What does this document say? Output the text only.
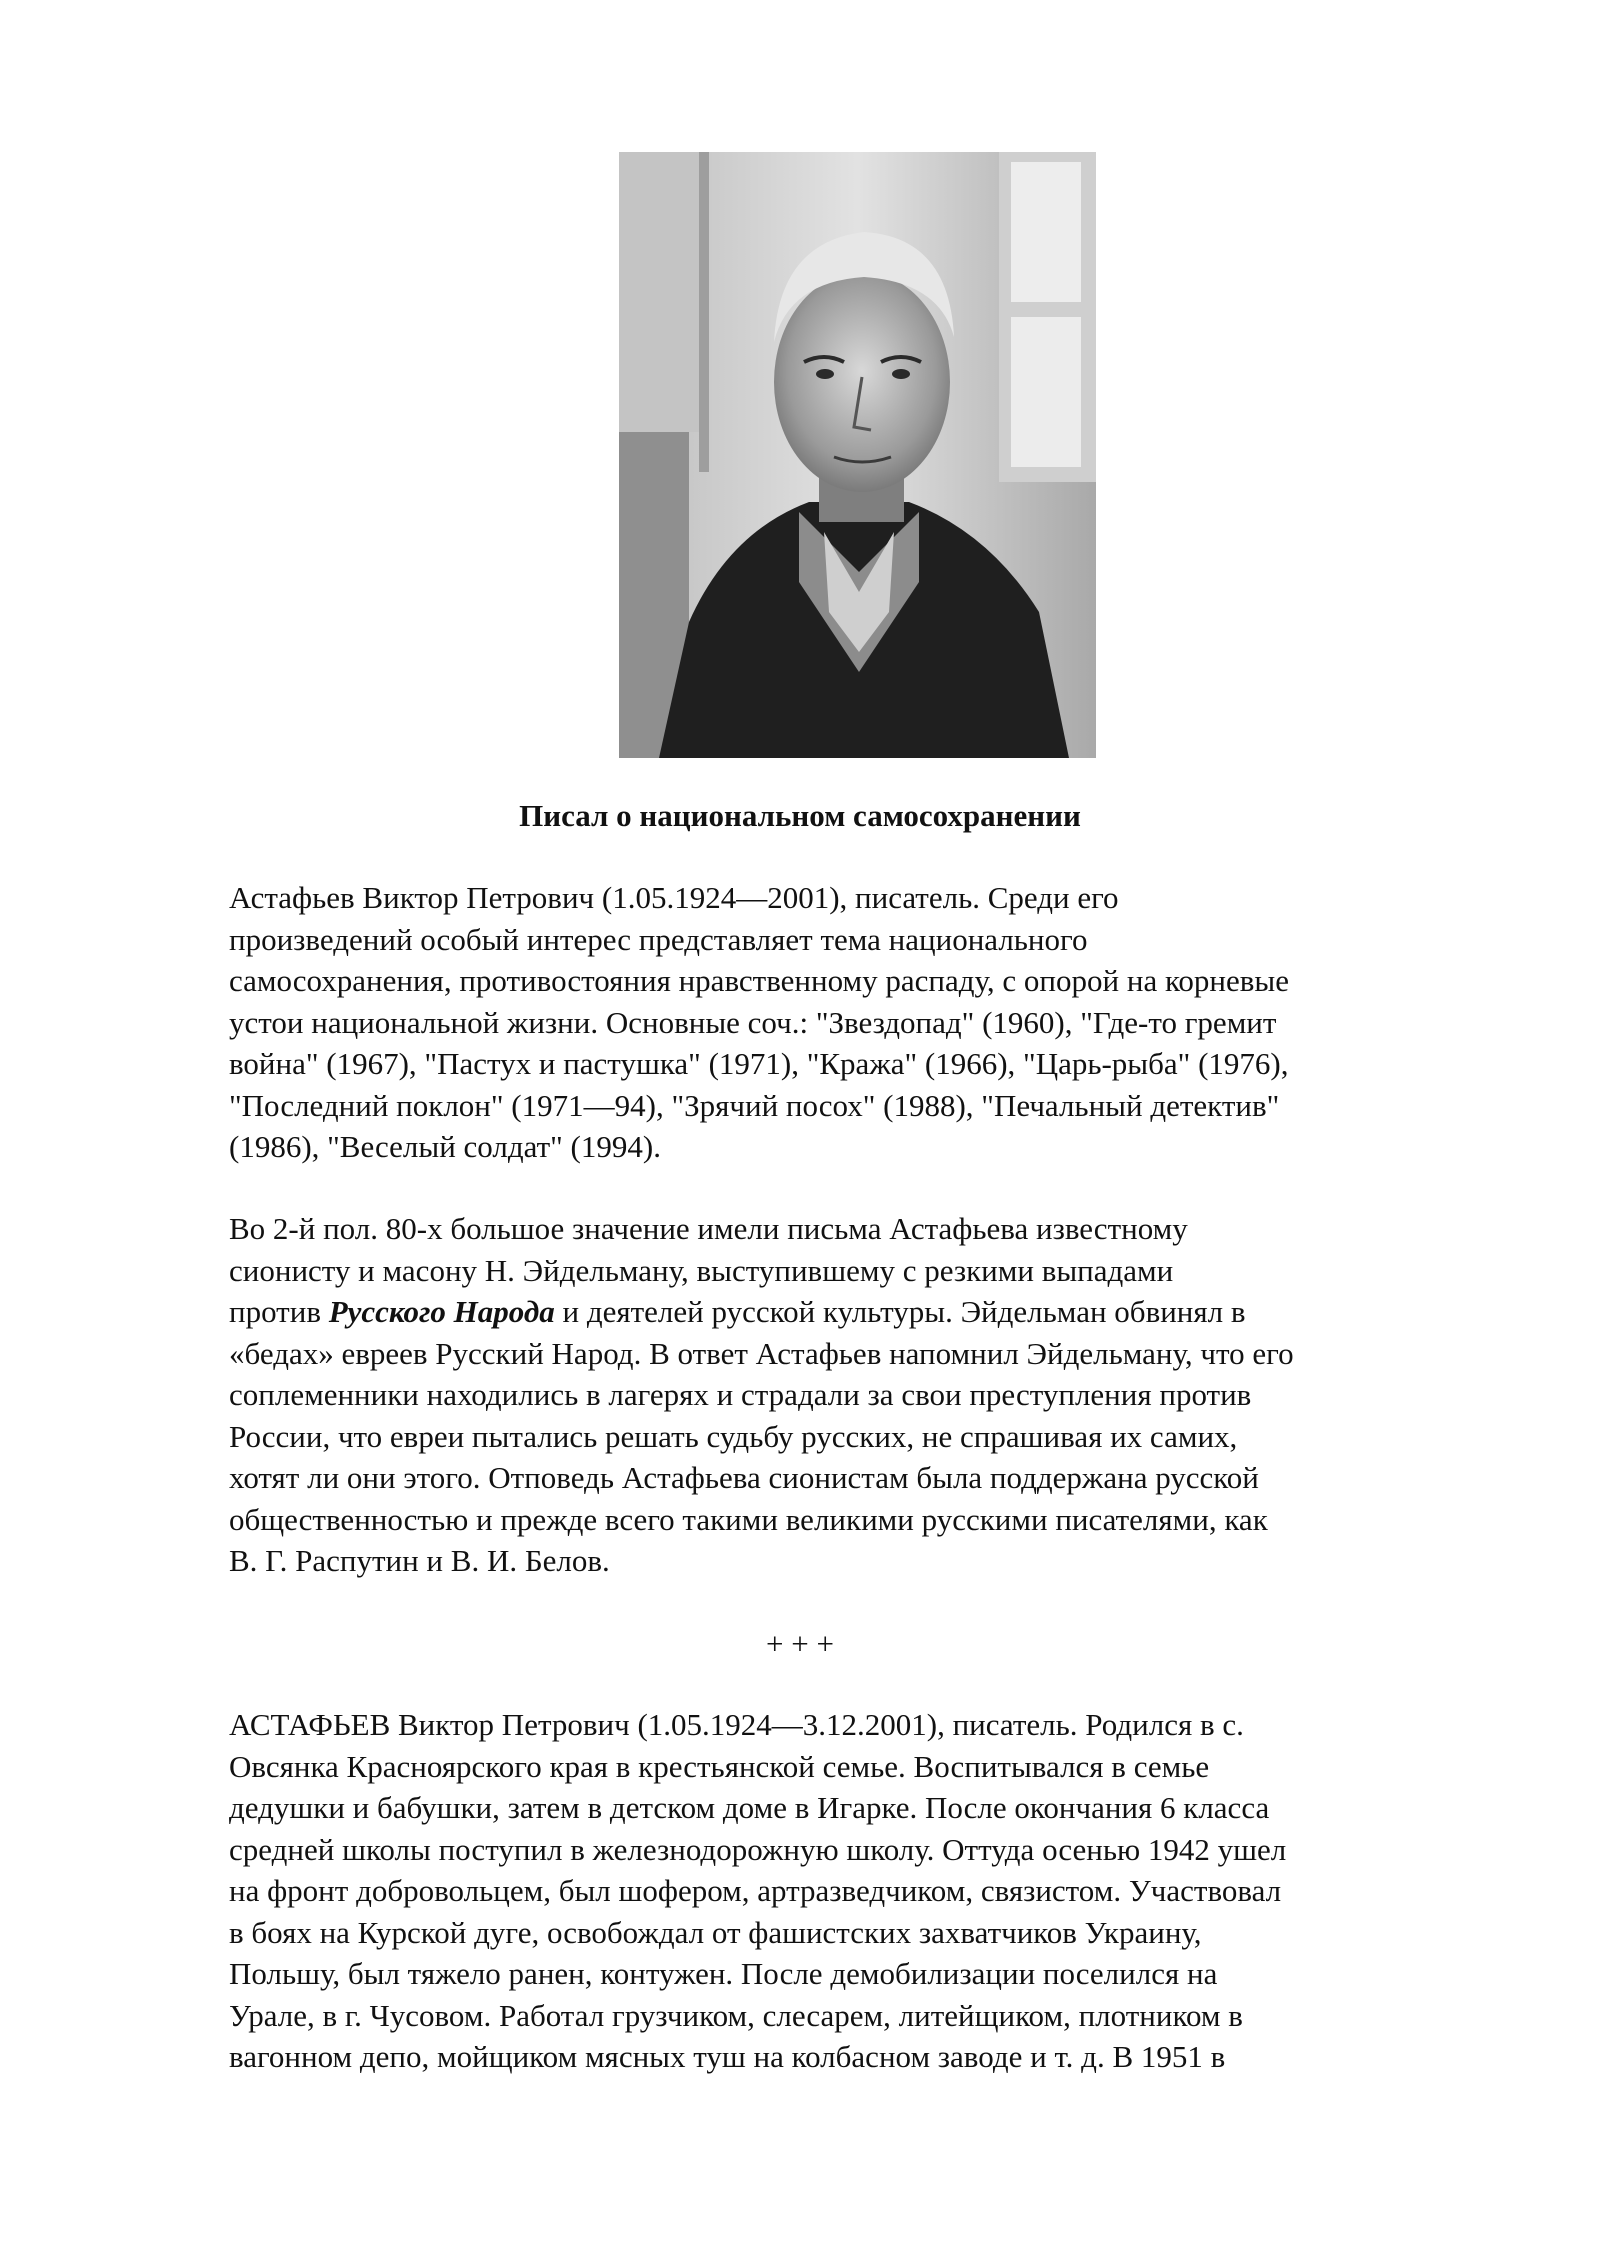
Писал о национальном самосохранении

Астафьев Виктор Петрович (1.05.1924—2001), писатель. Среди его
произведений особый интерес представляет тема национального
самосохранения, противостояния нравственному распаду, с опорой на корневые
устои национальной жизни. Основные соч.: "Звездопад" (1960), "Где-то гремит
война" (1967), "Пастух и пастушка" (1971), "Кража" (1966), "Царь-рыба" (1976),
"Последний поклон" (1971—94), "Зрячий посох" (1988), "Печальный детектив"
(1986), "Веселый солдат" (1994).

Во 2-й пол. 80-х большое значение имели письма Астафьева известному
сионисту и масону Н. Эйдельману, выступившему с резкими выпадами
против Русского Народа и деятелей русской культуры. Эйдельман обвинял в
«бедах» евреев Русский Народ. В ответ Астафьев напомнил Эйдельману, что его
соплеменники находились в лагерях и страдали за свои преступления против
России, что евреи пытались решать судьбу русских, не спрашивая их самих,
хотят ли они этого. Отповедь Астафьева сионистам была поддержана русской
общественностью и прежде всего такими великими русскими писателями, как
В. Г. Распутин и В. И. Белов.

+ + +

АСТАФЬЕВ Виктор Петрович (1.05.1924—3.12.2001), писатель. Родился в с.
Овсянка Красноярского края в крестьянской семье. Воспитывался в семье
дедушки и бабушки, затем в детском доме в Игарке. После окончания 6 класса
средней школы поступил в железнодорожную школу. Оттуда осенью 1942 ушел
на фронт добровольцем, был шофером, артразведчиком, связистом. Участвовал
в боях на Курской дуге, освобождал от фашистских захватчиков Украину,
Польшу, был тяжело ранен, контужен. После демобилизации поселился на
Урале, в г. Чусовом. Работал грузчиком, слесарем, литейщиком, плотником в
вагонном депо, мойщиком мясных туш на колбасном заводе и т. д. В 1951 в
